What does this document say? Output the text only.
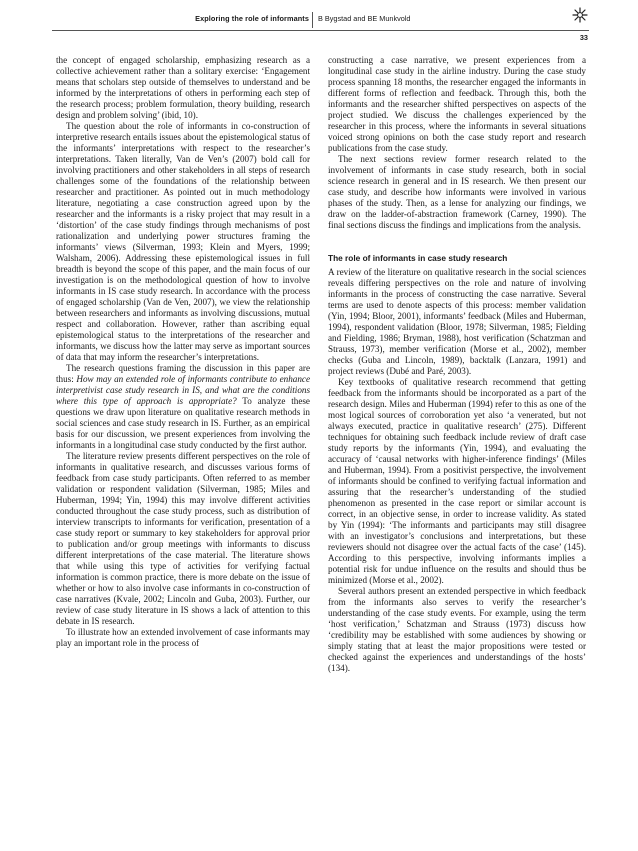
Exploring the role of informants B Bygstad and BE Munkvold
33

the concept of engaged scholarship, emphasizing research as a collective achievement rather than a solitary exercise: ‘Engagement means that scholars step outside of themselves to understand and be informed by the interpretations of others in performing each step of the research process; problem formulation, theory building, research design and problem solving’ (ibid, 10).

The question about the role of informants in co-construction of interpretive research entails issues about the epistemological status of the informants’ interpretations with respect to the researcher’s interpretations. Taken literally, Van de Ven’s (2007) bold call for involving practitioners and other stakeholders in all steps of research challenges some of the foundations of the relationship between researcher and practitioner. As pointed out in much methodology literature, negotiating a case construction agreed upon by the researcher and the informants is a risky project that may result in a ‘distortion’ of the case study findings through mechanisms of post rationalization and underlying power structures framing the informants’ views (Silverman, 1993; Klein and Myers, 1999; Walsham, 2006). Addressing these epistemological issues in full breadth is beyond the scope of this paper, and the main focus of our investigation is on the methodological question of how to involve informants in IS case study research. In accordance with the process of engaged scholarship (Van de Ven, 2007), we view the relationship between researchers and informants as involving discussions, mutual respect and collaboration. However, rather than ascribing equal epistemological status to the interpretations of the researcher and informants, we discuss how the latter may serve as important sources of data that may inform the researcher’s interpretations.

The research questions framing the discussion in this paper are thus: How may an extended role of informants contribute to enhance interpretivist case study research in IS, and what are the conditions where this type of approach is appropriate? To analyze these questions we draw upon literature on qualitative research methods in social sciences and case study research in IS. Further, as an empirical basis for our discussion, we present experiences from involving the informants in a longitudinal case study conducted by the first author.

The literature review presents different perspectives on the role of informants in qualitative research, and discusses various forms of feedback from case study participants. Often referred to as member validation or respondent validation (Silverman, 1985; Miles and Huberman, 1994; Yin, 1994) this may involve different activities conducted throughout the case study process, such as distribution of interview transcripts to informants for verification, presentation of a case study report or summary to key stakeholders for approval prior to publication and/or group meetings with informants to discuss different interpretations of the case material. The literature shows that while using this type of activities for verifying factual information is common practice, there is more debate on the issue of whether or how to also involve case informants in co-construction of case narratives (Kvale, 2002; Lincoln and Guba, 2003). Further, our review of case study literature in IS shows a lack of attention to this debate in IS research.

To illustrate how an extended involvement of case informants may play an important role in the process of

constructing a case narrative, we present experiences from a longitudinal case study in the airline industry. During the case study process spanning 18 months, the researcher engaged the informants in different forms of reflection and feedback. Through this, both the informants and the researcher shifted perspectives on aspects of the project studied. We discuss the challenges experienced by the researcher in this process, where the informants in several situations voiced strong opinions on both the case study report and research publications from the case study.

The next sections review former research related to the involvement of informants in case study research, both in social science research in general and in IS research. We then present our case study, and describe how informants were involved in various phases of the study. Then, as a lense for analyzing our findings, we draw on the ladder-of-abstraction framework (Carney, 1990). The final sections discuss the findings and implications from the analysis.

The role of informants in case study research

A review of the literature on qualitative research in the social sciences reveals differing perspectives on the role and nature of involving informants in the process of constructing the case narrative. Several terms are used to denote aspects of this process: member validation (Yin, 1994; Bloor, 2001), informants’ feedback (Miles and Huberman, 1994), respondent validation (Bloor, 1978; Silverman, 1985; Fielding and Fielding, 1986; Bryman, 1988), host verification (Schatzman and Strauss, 1973), member verification (Morse et al., 2002), member checks (Guba and Lincoln, 1989), backtalk (Lanzara, 1991) and project reviews (Dubé and Paré, 2003).

Key textbooks of qualitative research recommend that getting feedback from the informants should be incorporated as a part of the research design. Miles and Huberman (1994) refer to this as one of the most logical sources of corroboration yet also ‘a venerated, but not always executed, practice in qualitative research’ (275). Different techniques for obtaining such feedback include review of draft case study reports by the informants (Yin, 1994), and evaluating the accuracy of ‘causal networks with higher-inference findings’ (Miles and Huberman, 1994). From a positivist perspective, the involvement of informants should be confined to verifying factual information and assuring that the researcher’s understanding of the studied phenomenon as presented in the case report or similar account is correct, in an objective sense, in order to increase validity. As stated by Yin (1994): ‘The informants and participants may still disagree with an investigator’s conclusions and interpretations, but these reviewers should not disagree over the actual facts of the case’ (145). According to this perspective, involving informants implies a potential risk for undue influence on the results and should thus be minimized (Morse et al., 2002).

Several authors present an extended perspective in which feedback from the informants also serves to verify the researcher’s understanding of the case study events. For example, using the term ‘host verification,’ Schatzman and Strauss (1973) discuss how ‘credibility may be established with some audiences by showing or simply stating that at least the major propositions were tested or checked against the experiences and understandings of the hosts’ (134).
